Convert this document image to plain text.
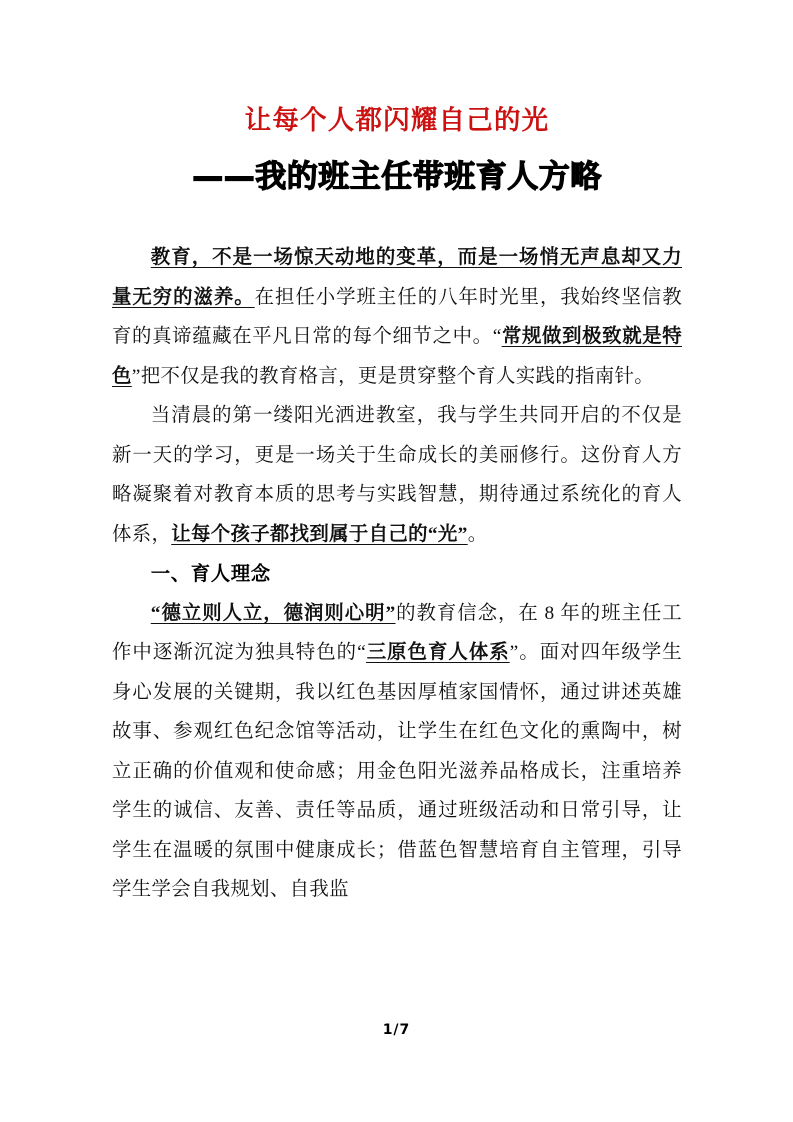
让每个人都闪耀自己的光
——我的班主任带班育人方略

教育，不是一场惊天动地的变革，而是一场悄无声息却又力量无穷的滋养。在担任小学班主任的八年时光里，我始终坚信教育的真谛蕴藏在平凡日常的每个细节之中。“常规做到极致就是特色”把不仅是我的教育格言，更是贯穿整个育人实践的指南针。

当清晨的第一缕阳光洒进教室，我与学生共同开启的不仅是新一天的学习，更是一场关于生命成长的美丽修行。这份育人方略凝聚着对教育本质的思考与实践智慧，期待通过系统化的育人体系，让每个孩子都找到属于自己的“光”。

一、育人理念

“德立则人立，德润则心明”的教育信念，在 8 年的班主任工作中逐渐沉淀为独具特色的“三原色育人体系”。面对四年级学生身心发展的关键期，我以红色基因厚植家国情怀，通过讲述英雄故事、参观红色纪念馆等活动，让学生在红色文化的熏陶中，树立正确的价值观和使命感；用金色阳光滋养品格成长，注重培养学生的诚信、友善、责任等品质，通过班级活动和日常引导，让学生在温暖的氛围中健康成长；借蓝色智慧培育自主管理，引导学生学会自我规划、自我监

1/7
